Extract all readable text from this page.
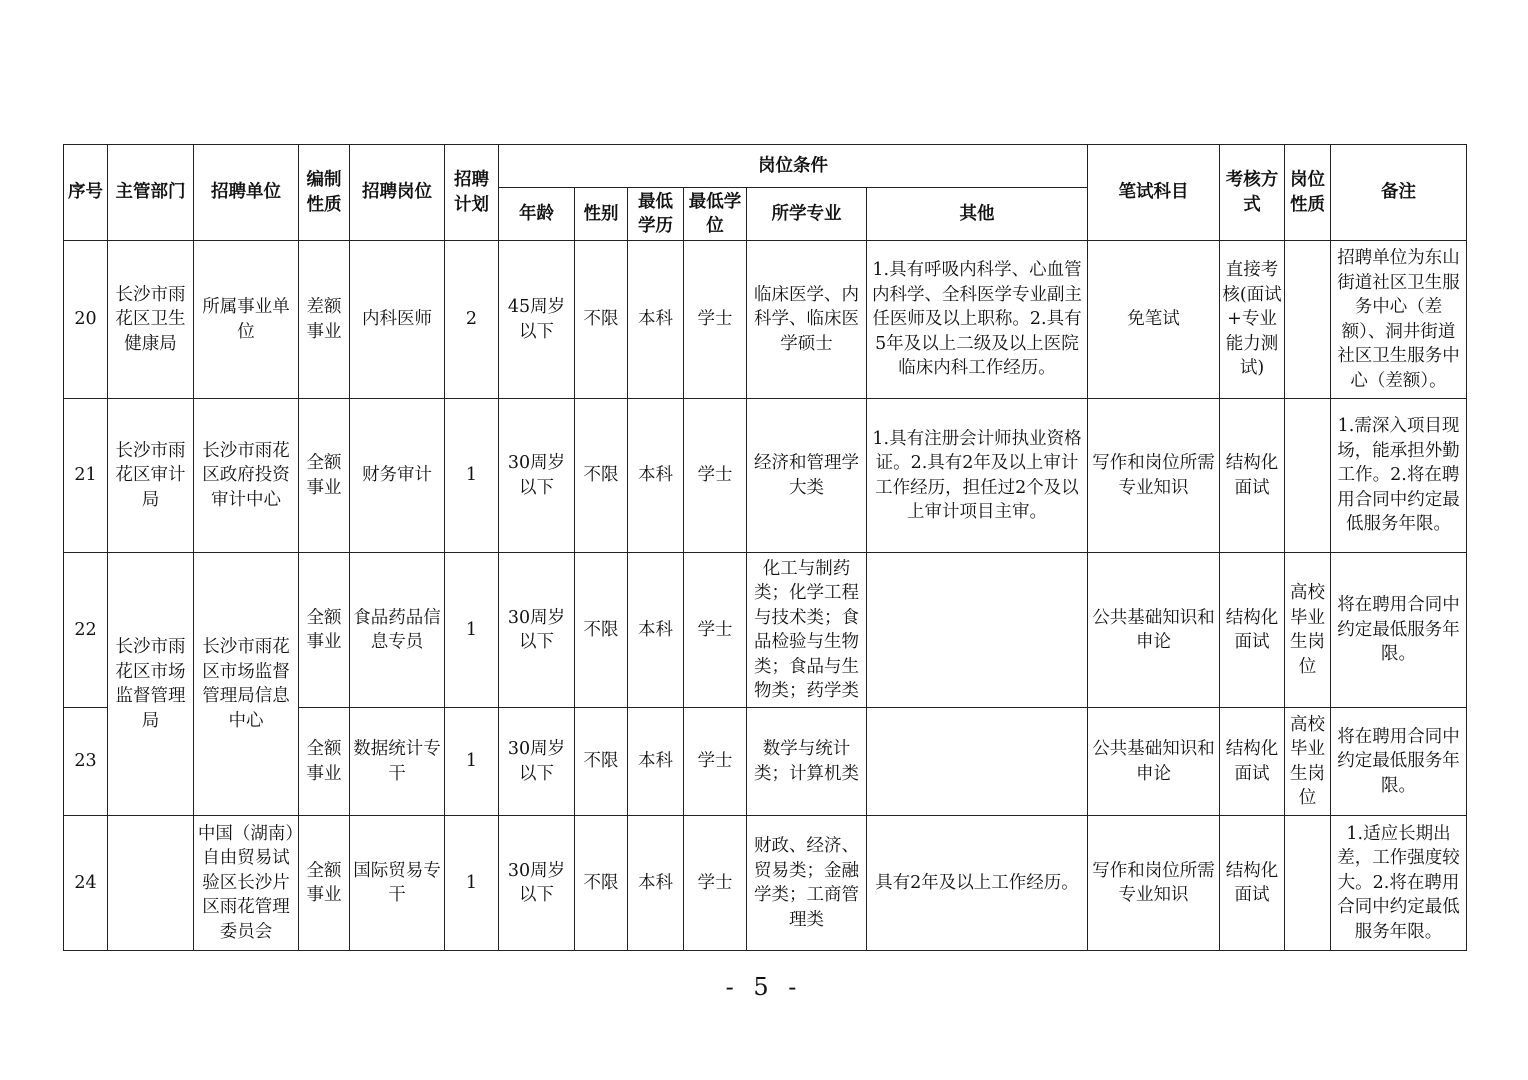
序号	主管部门	招聘单位	编制性质	招聘岗位	招聘计划	岗位条件						笔试科目	考核方式	岗位性质	备注
						年龄	性别	最低学历	最低学位	所学专业	其他				
20	长沙市雨花区卫生健康局	所属事业单位	差额事业	内科医师	2	45周岁以下	不限	本科	学士	临床医学、内科学、临床医学硕士	1.具有呼吸内科学、心血管内科学、全科医学专业副主任医师及以上职称。2.具有5年及以上二级及以上医院临床内科工作经历。	免笔试	直接考核(面试+专业能力测试)		招聘单位为东山街道社区卫生服务中心（差额）、洞井街道社区卫生服务中心（差额）。
21	长沙市雨花区审计局	长沙市雨花区政府投资审计中心	全额事业	财务审计	1	30周岁以下	不限	本科	学士	经济和管理学大类	1.具有注册会计师执业资格证。2.具有2年及以上审计工作经历，担任过2个及以上审计项目主审。	写作和岗位所需专业知识	结构化面试		1.需深入项目现场，能承担外勤工作。2.将在聘用合同中约定最低服务年限。
22	长沙市雨花区市场监督管理局	长沙市雨花区市场监督管理局信息中心	全额事业	食品药品信息专员	1	30周岁以下	不限	本科	学士	化工与制药类；化学工程与技术类；食品检验与生物类；食品与生物类；药学类		公共基础知识和申论	结构化面试	高校毕业生岗位	将在聘用合同中约定最低服务年限。
23			全额事业	数据统计专干	1	30周岁以下	不限	本科	学士	数学与统计类；计算机类		公共基础知识和申论	结构化面试	高校毕业生岗位	将在聘用合同中约定最低服务年限。
24		中国（湖南）自由贸易试验区长沙片区雨花管理委员会	全额事业	国际贸易专干	1	30周岁以下	不限	本科	学士	财政、经济、贸易类；金融学类；工商管理类	具有2年及以上工作经历。	写作和岗位所需专业知识	结构化面试		1.适应长期出差，工作强度较大。2.将在聘用合同中约定最低服务年限。
- 5 -
